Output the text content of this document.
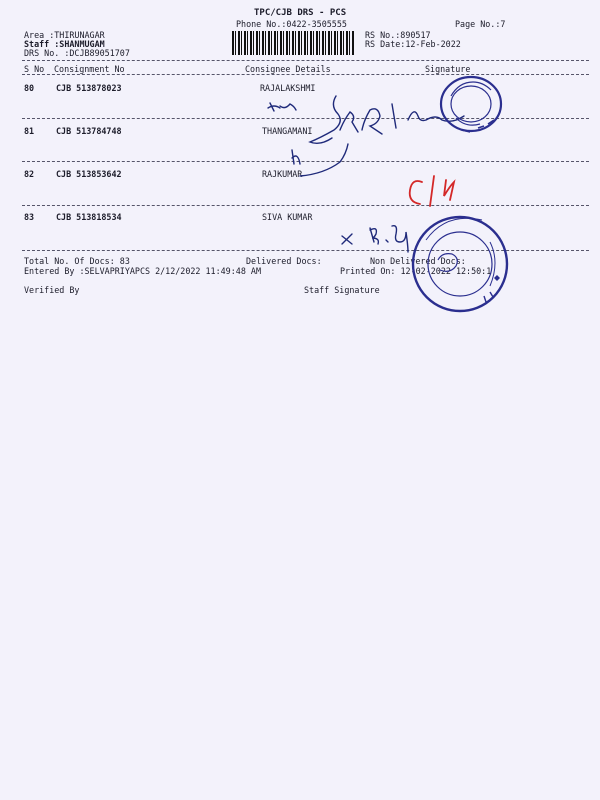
TPC/CJB DRS - PCS
Phone No.:0422-3505555	Page No.:7
Area :THIRUNAGAR
Staff :SHANMUGAM
DRS No. :DCJB89051707
RS No.:890517
RS Date:12-Feb-2022
S No Consignment No	Consignee Details	Signature
80	CJB 513878023	RAJALAKSHMI
81	CJB 513784748	THANGAMANI
82	CJB 513853642	RAJKUMAR
83	CJB 513818534	SIVA KUMAR
Total No. Of Docs: 83	Delivered Docs:	Non Delivered Docs:
Entered By :SELVAPRIYAPCS 2/12/2022 11:49:48 AM	Printed On: 12-02-2022 12:50:1
Verified By	Staff Signature
